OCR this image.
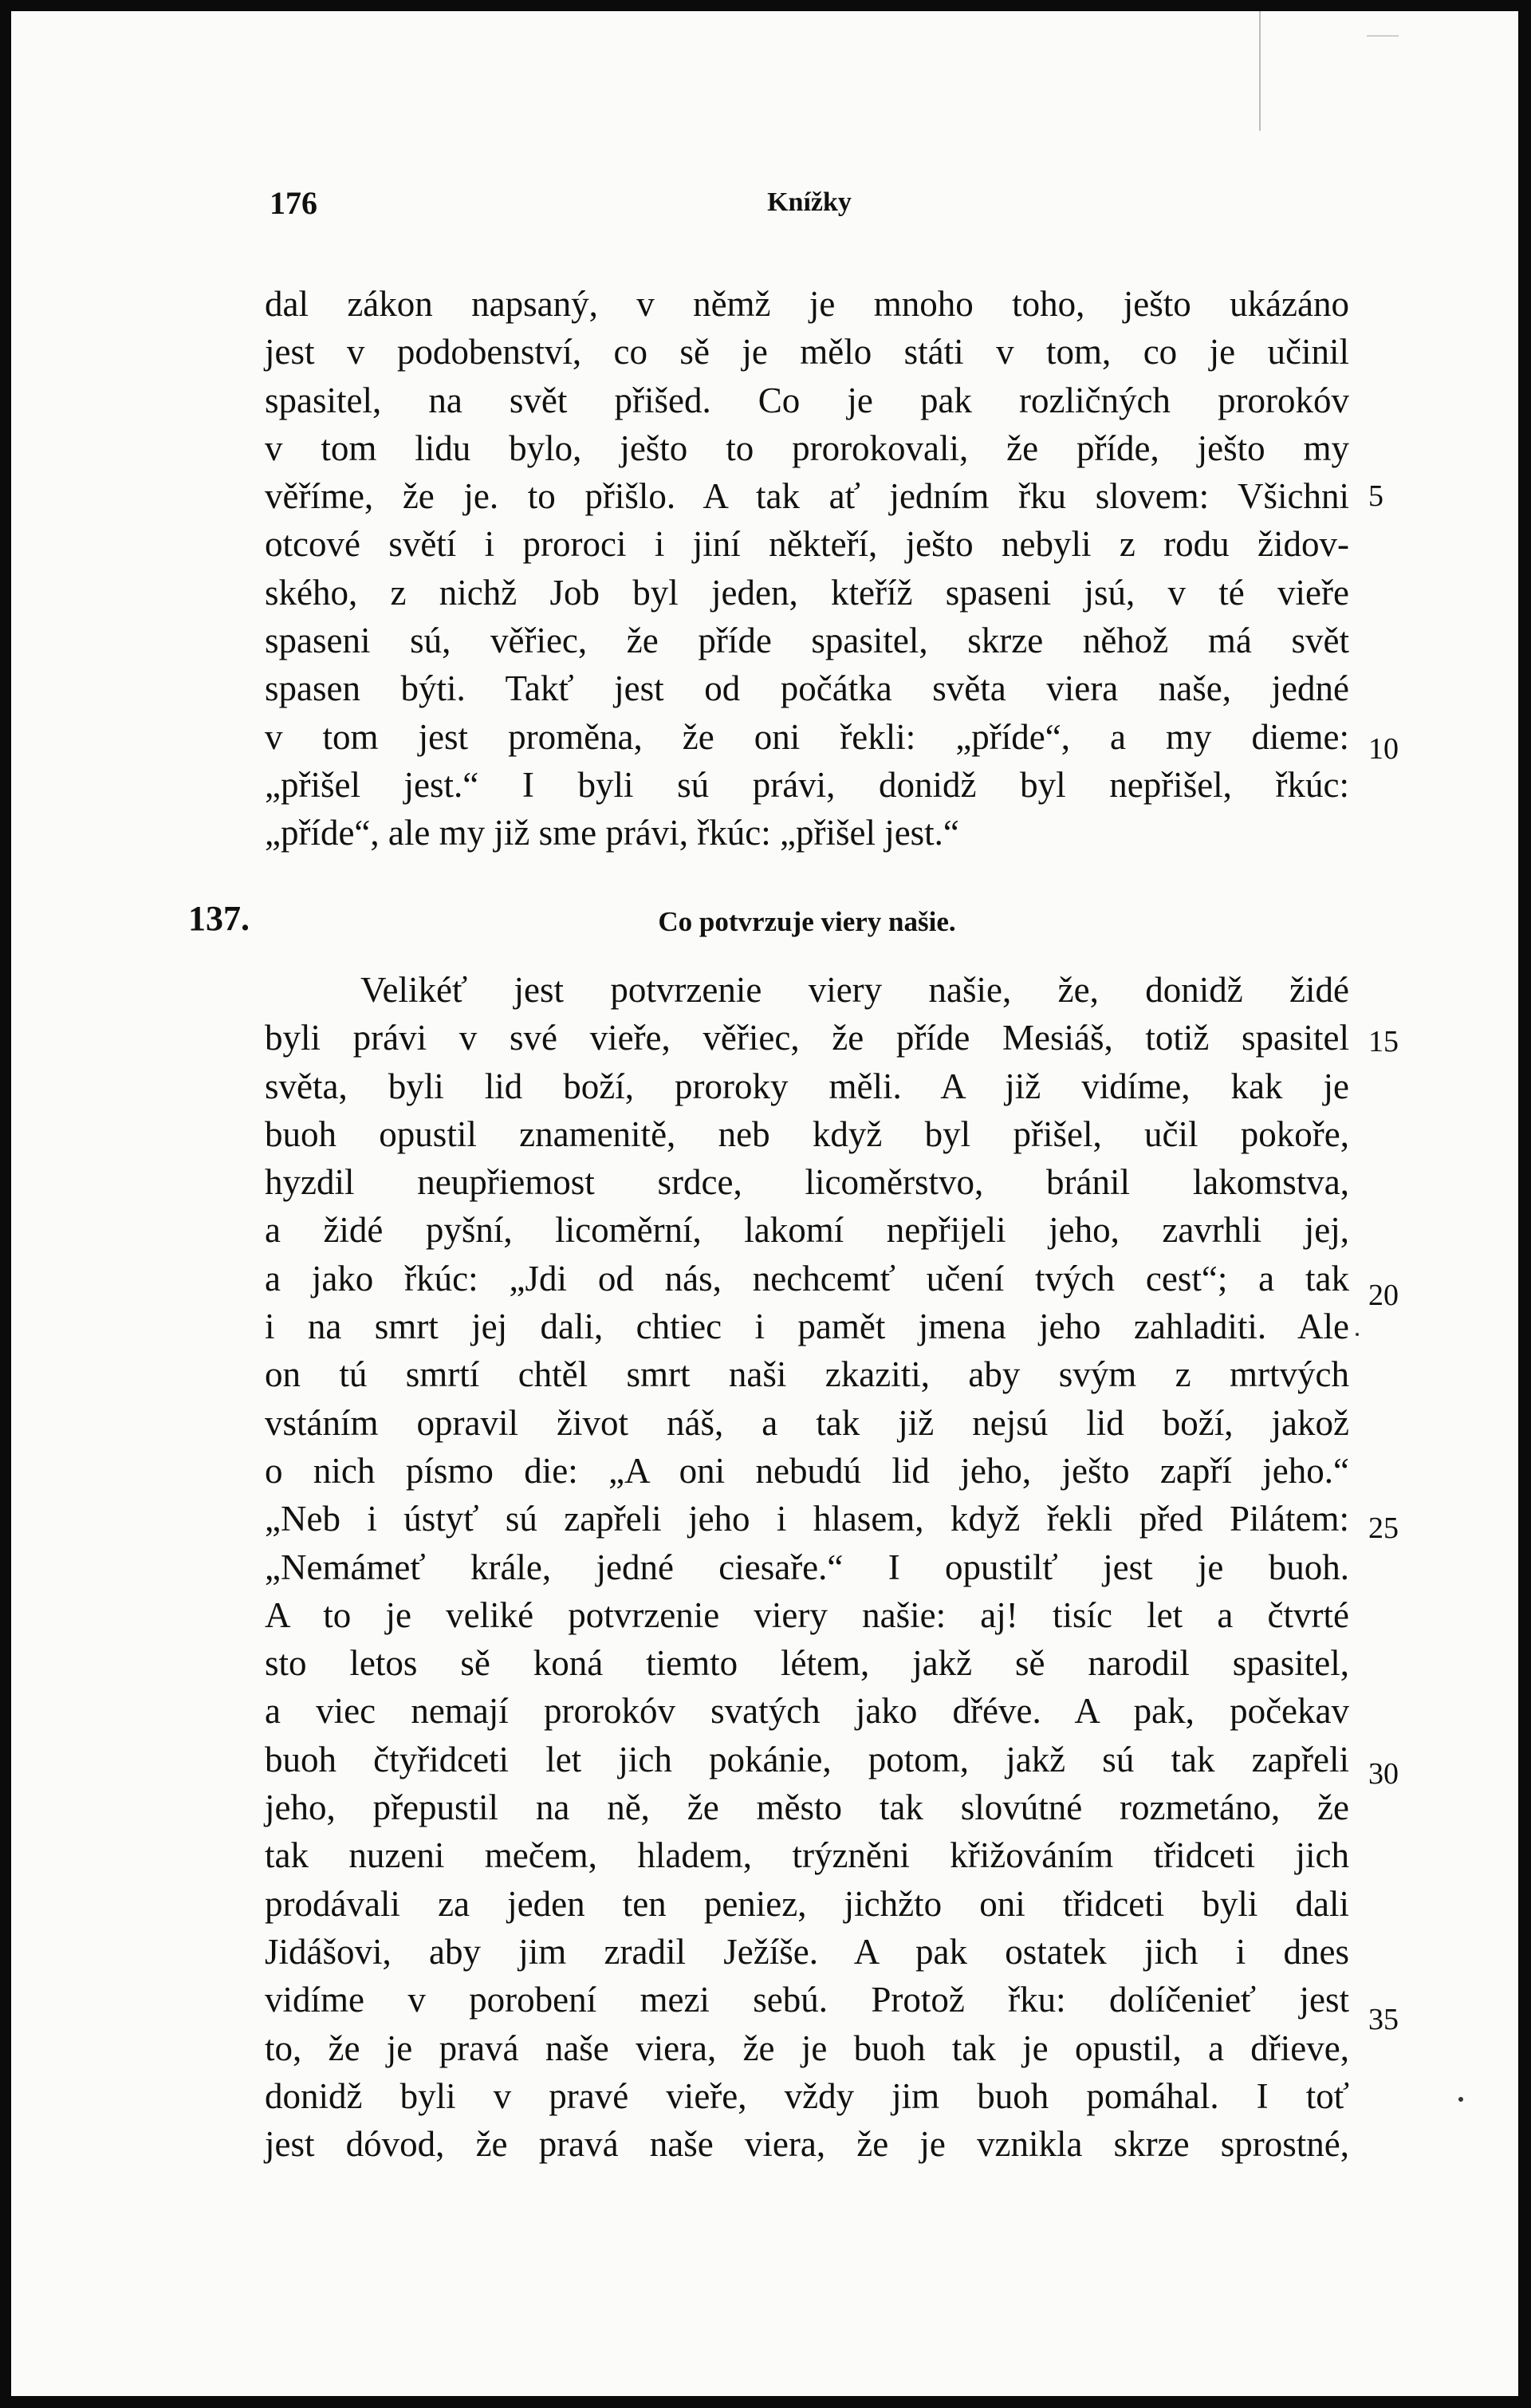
176	Knížky
dal zákon napsaný, v němž je mnoho toho, ješto ukázáno
jest v podobenství, co sě je mělo státi v tom, co je učinil
spasitel, na svět přišed. Co je pak rozličných prorokóv
v tom lidu bylo, ješto to prorokovali, že příde, ješto my
věříme, že je. to přišlo. A tak ať jedním řku slovem: Všichni
otcové světí i proroci i jiní někteří, ješto nebyli z rodu židov-
ského, z nichž Job byl jeden, kteříž spaseni jsú, v té vieře
spaseni sú, věřiec, že příde spasitel, skrze něhož má svět
spasen býti. Takť jest od počátka světa viera naše, jedné
v tom jest proměna, že oni řekli: „příde“, a my dieme:
„přišel jest.“ I byli sú právi, donidž byl nepřišel, řkúc:
„příde“, ale my již sme právi, řkúc: „přišel jest.“
137.	Co potvrzuje viery našie.
Velikéť jest potvrzenie viery našie, že, donidž židé
byli právi v své vieře, věřiec, že příde Mesiáš, totiž spasitel
světa, byli lid boží, proroky měli. A již vidíme, kak je
buoh opustil znamenitě, neb když byl přišel, učil pokoře,
hyzdil neupřiemost srdce, licoměrstvo, bránil lakomstva,
a židé pyšní, licoměrní, lakomí nepřijeli jeho, zavrhli jej,
a jako řkúc: „Jdi od nás, nechcemť učení tvých cest“; a tak
i na smrt jej dali, chtiec i pamět jmena jeho zahladiti. Ale
on tú smrtí chtěl smrt naši zkaziti, aby svým z mrtvých
vstáním opravil život náš, a tak již nejsú lid boží, jakož
o nich písmo die: „A oni nebudú lid jeho, ješto zapří jeho.“
„Neb i ústyť sú zapřeli jeho i hlasem, když řekli před Pilátem:
„Nemámeť krále, jedné ciesaře.“ I opustilť jest je buoh.
A to je veliké potvrzenie viery našie: aj! tisíc let a čtvrté
sto letos sě koná tiemto létem, jakž sě narodil spasitel,
a viec nemají prorokóv svatých jako dřéve. A pak, počekav
buoh čtyřidceti let jich pokánie, potom, jakž sú tak zapřeli
jeho, přepustil na ně, že město tak slovútné rozmetáno, že
tak nuzeni mečem, hladem, trýzněni křižováním třidceti jich
prodávali za jeden ten peniez, jichžto oni třidceti byli dali
Jidášovi, aby jim zradil Ježíše. A pak ostatek jich i dnes
vidíme v porobení mezi sebú. Protož řku: dolíčenieť jest
to, že je pravá naše viera, že je buoh tak je opustil, a dřieve,
donidž byli v pravé vieře, vždy jim buoh pomáhal. I toť
jest dóvod, že pravá naše viera, že je vznikla skrze sprostné,
5
10
15
20
25
30
35
